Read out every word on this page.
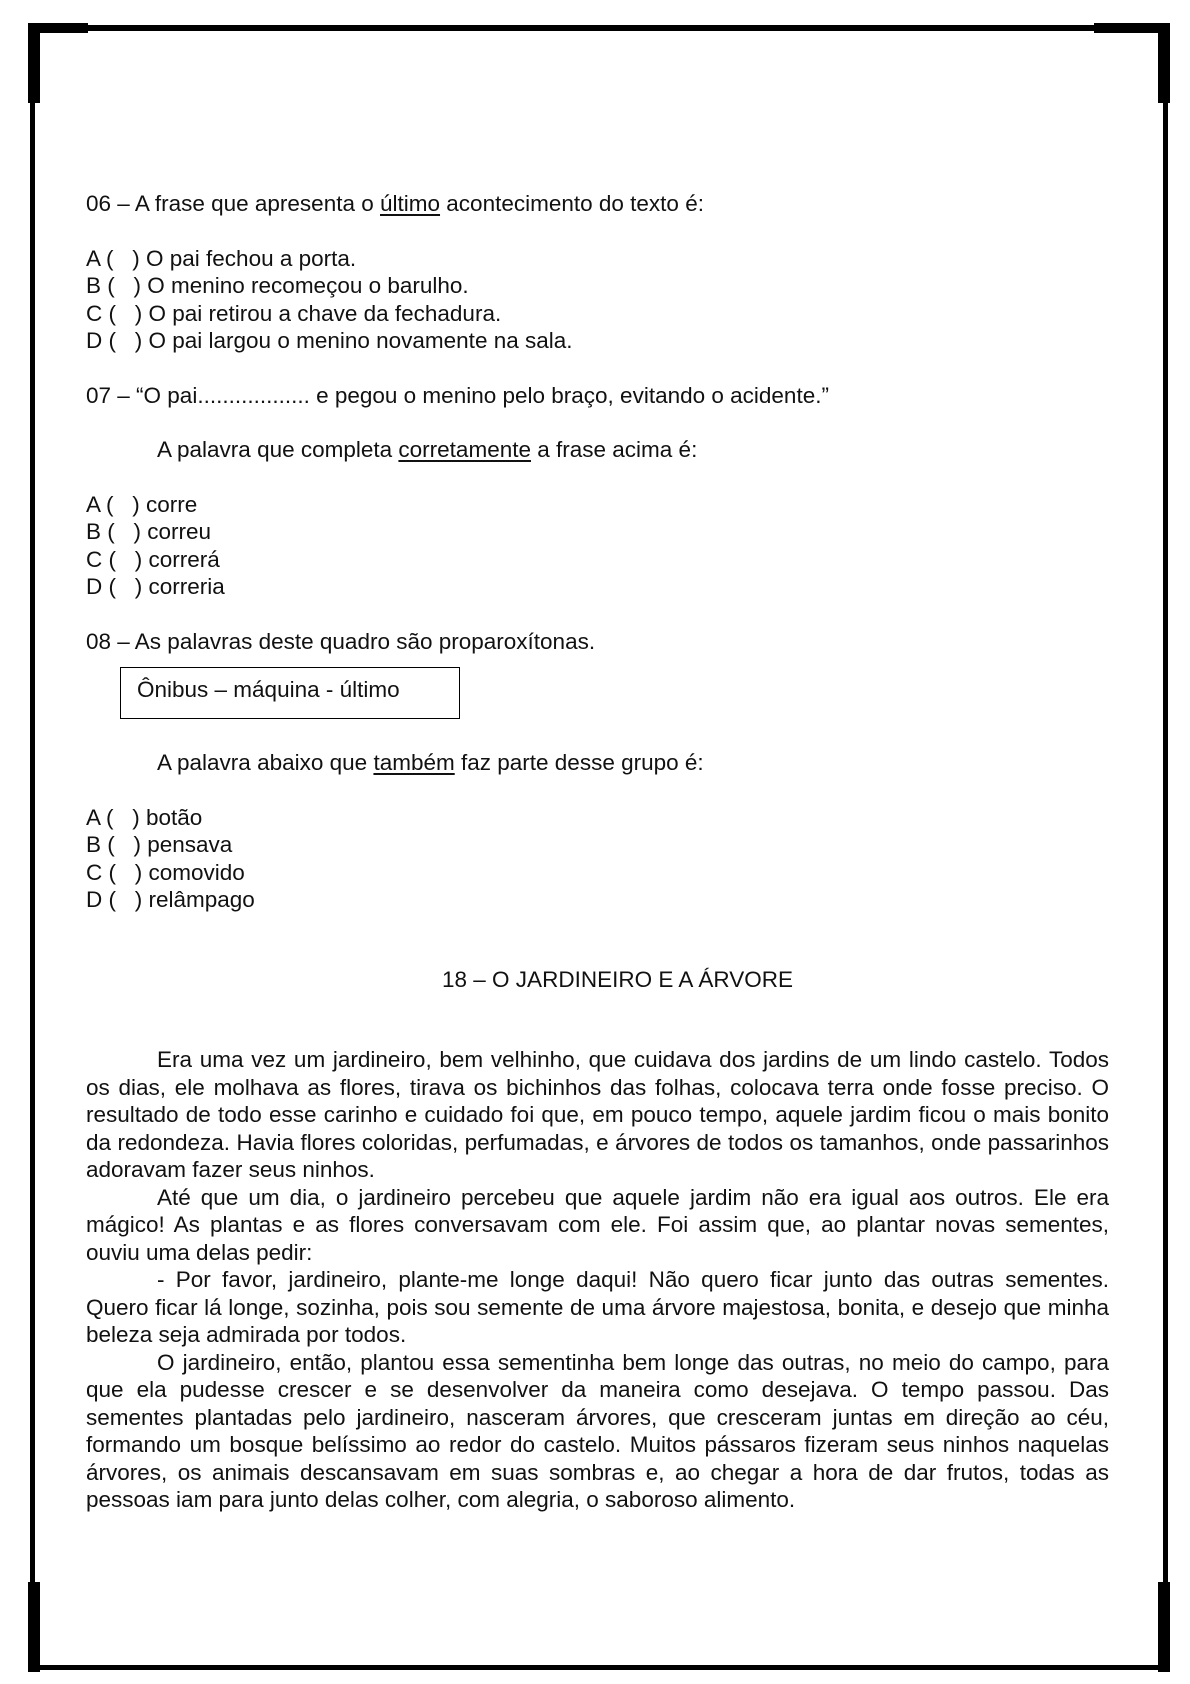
06 – A frase que apresenta o último acontecimento do texto é:

A (   ) O pai fechou a porta.

B (   ) O menino recomeçou o barulho.

C (   ) O pai retirou a chave da fechadura.

D (   ) O pai largou o menino novamente na sala.

07 – “O pai.................. e pegou o menino pelo braço, evitando o acidente.”

A palavra que completa corretamente a frase acima é:

A (   ) corre

B (   ) correu

C (   ) correrá

D (   ) correria

08 – As palavras deste quadro são proparoxítonas.

Ônibus – máquina - último

A palavra abaixo que também faz parte desse grupo é:

A (   ) botão

B (   ) pensava

C (   ) comovido

D (   ) relâmpago

18 – O JARDINEIRO E A ÁRVORE

Era uma vez um jardineiro, bem velhinho, que cuidava dos jardins de um lindo castelo. Todos os dias, ele molhava as flores, tirava os bichinhos das folhas, colocava terra onde fosse preciso. O resultado de todo esse carinho e cuidado foi que, em pouco tempo, aquele jardim ficou o mais bonito da redondeza. Havia flores coloridas, perfumadas, e árvores de todos os tamanhos, onde passarinhos adoravam fazer seus ninhos.

Até que um dia, o jardineiro percebeu que aquele jardim não era igual aos outros. Ele era mágico! As plantas e as flores conversavam com ele. Foi assim que, ao plantar novas sementes, ouviu uma delas pedir:

- Por favor, jardineiro, plante-me longe daqui! Não quero ficar junto das outras sementes. Quero ficar lá longe, sozinha, pois sou semente de uma árvore majestosa, bonita, e desejo que minha beleza seja admirada por todos.

O jardineiro, então, plantou essa sementinha bem longe das outras, no meio do campo, para que ela pudesse crescer e se desenvolver da maneira como desejava. O tempo passou. Das sementes plantadas pelo jardineiro, nasceram árvores, que cresceram juntas em direção ao céu, formando um bosque belíssimo ao redor do castelo. Muitos pássaros fizeram seus ninhos naquelas árvores, os animais descansavam em suas sombras e, ao chegar a hora de dar frutos, todas as pessoas iam para junto delas colher, com alegria, o saboroso alimento.
